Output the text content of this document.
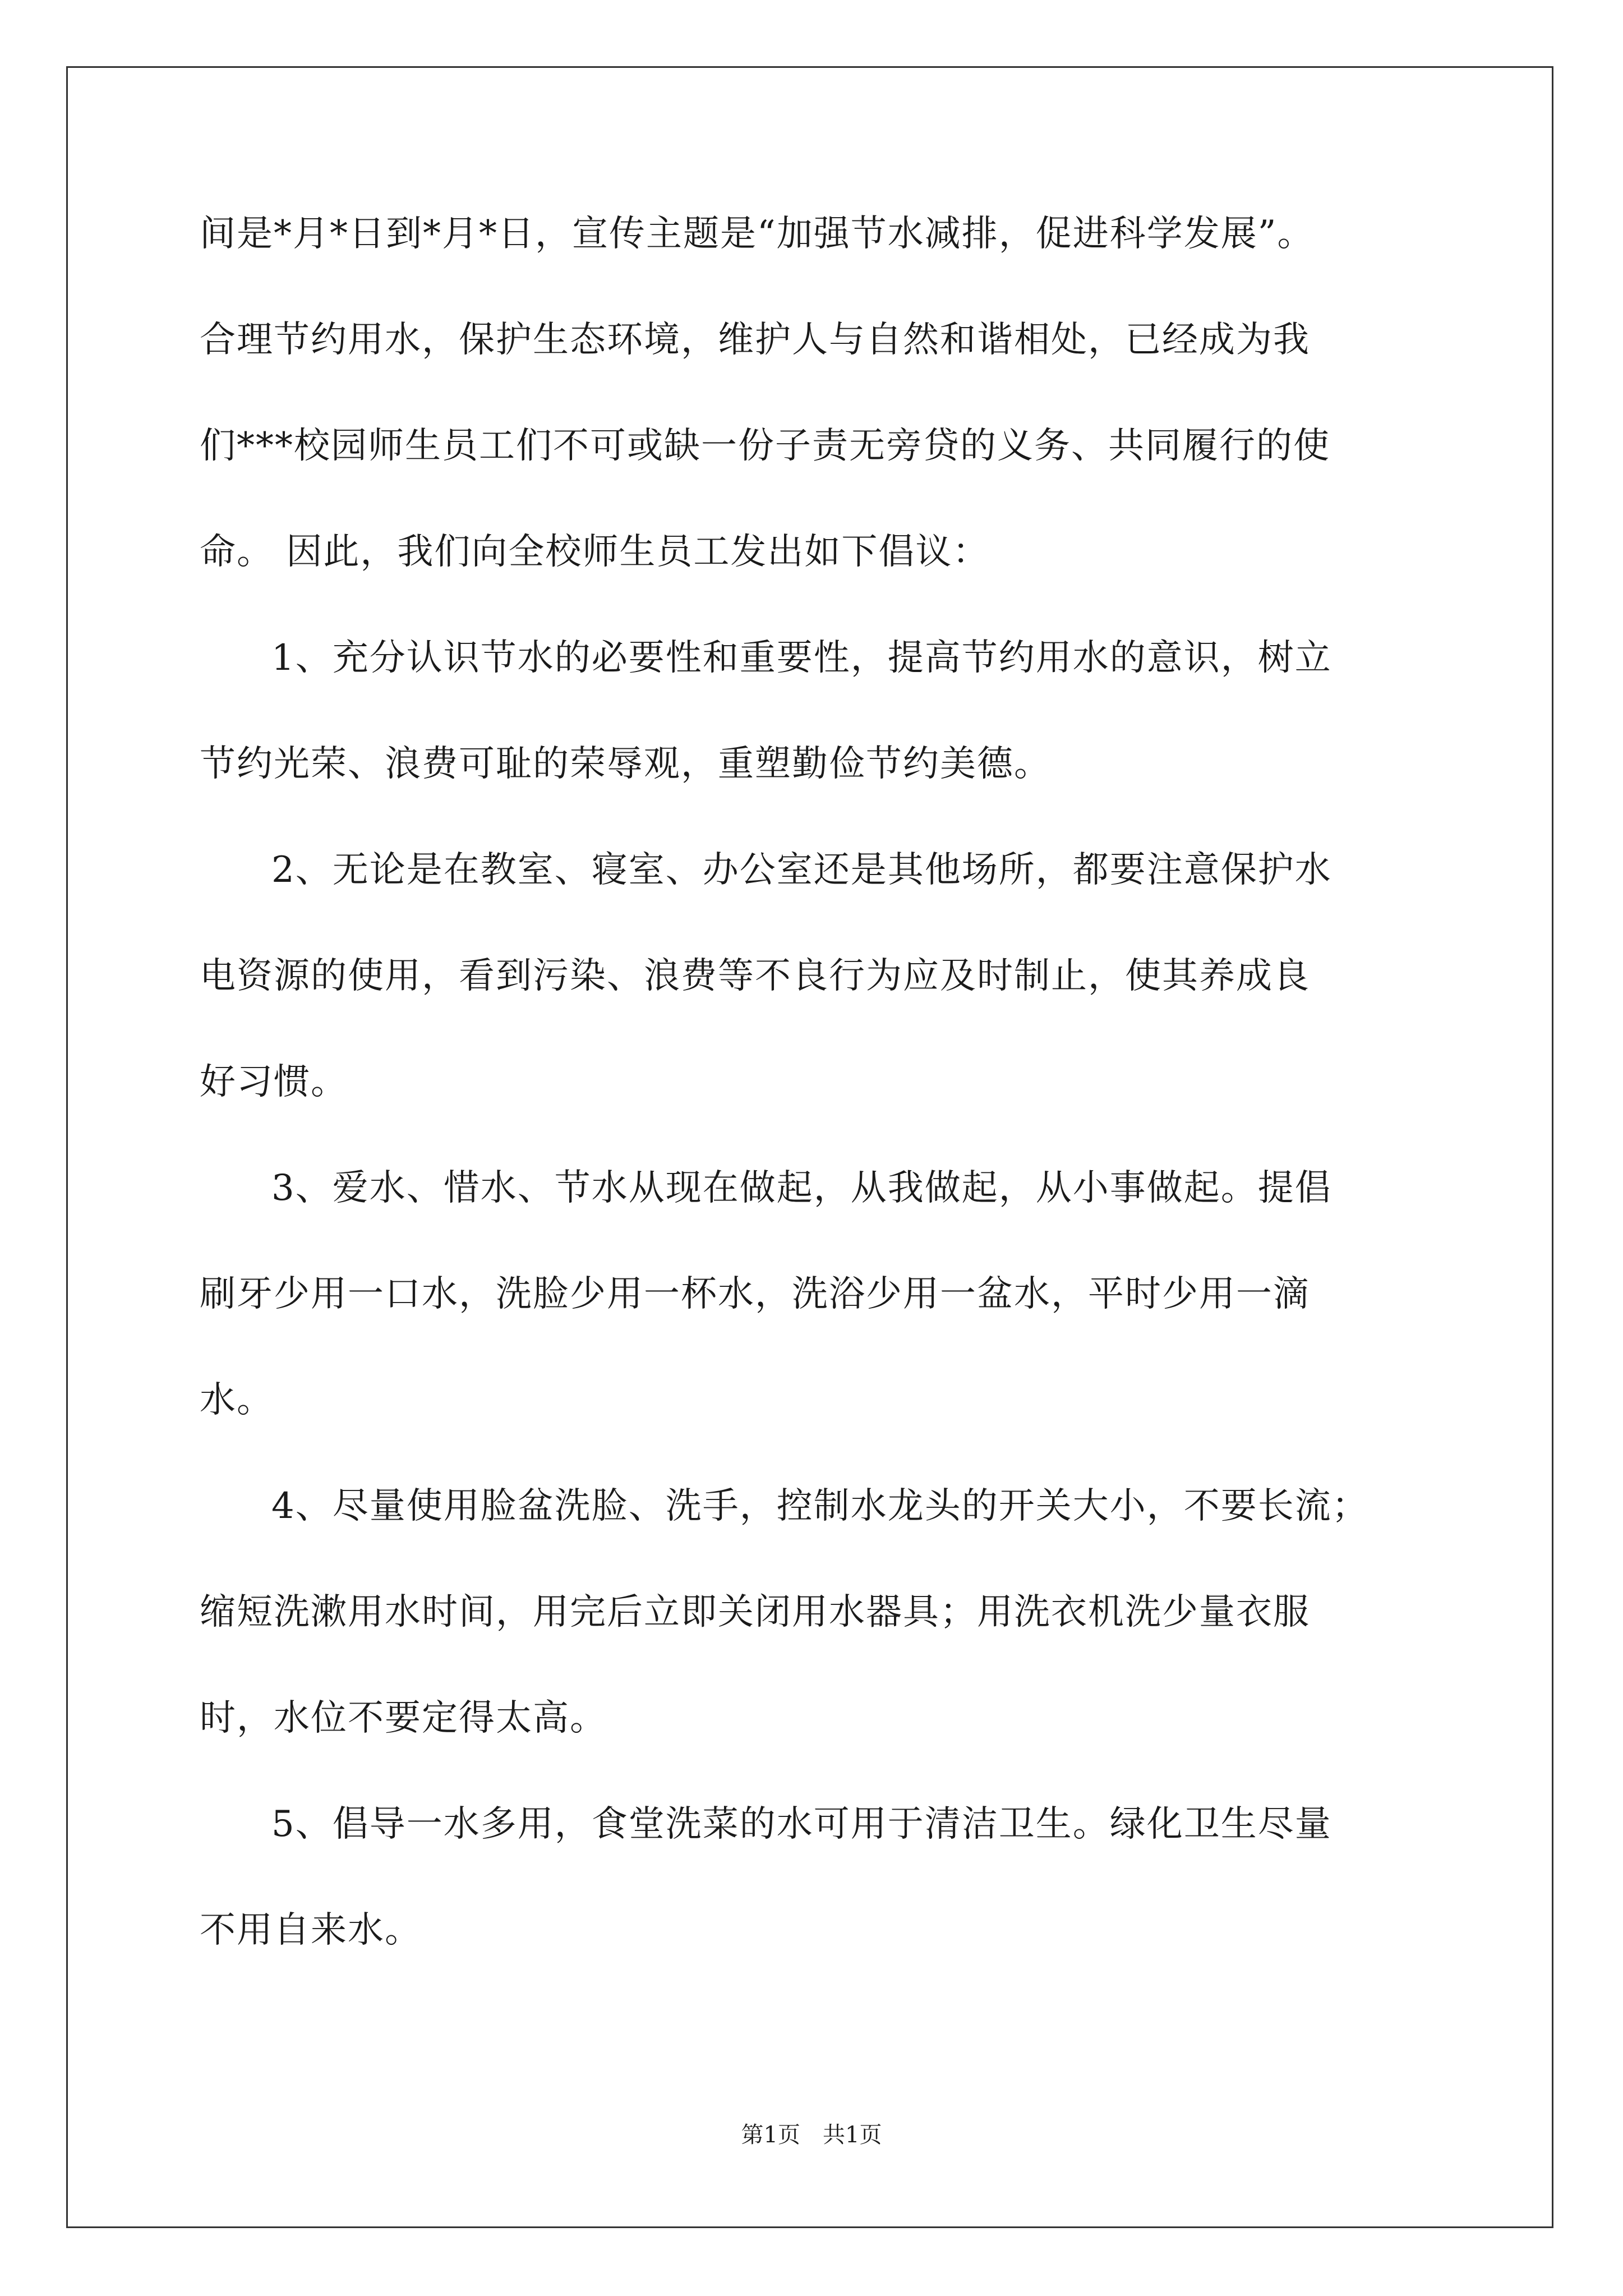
间是*月*日到*月*日，宣传主题是“加强节水减排，促进科学发展”。
合理节约用水，保护生态环境，维护人与自然和谐相处，已经成为我
们***校园师生员工们不可或缺一份子责无旁贷的义务、共同履行的使
命。 因此，我们向全校师生员工发出如下倡议：
1、充分认识节水的必要性和重要性，提高节约用水的意识，树立
节约光荣、浪费可耻的荣辱观，重塑勤俭节约美德。
2、无论是在教室、寝室、办公室还是其他场所，都要注意保护水
电资源的使用，看到污染、浪费等不良行为应及时制止，使其养成良
好习惯。
3、爱水、惜水、节水从现在做起，从我做起，从小事做起。提倡
刷牙少用一口水，洗脸少用一杯水，洗浴少用一盆水，平时少用一滴
水。
4、尽量使用脸盆洗脸、洗手，控制水龙头的开关大小，不要长流；
缩短洗漱用水时间，用完后立即关闭用水器具；用洗衣机洗少量衣服
时，水位不要定得太高。
5、倡导一水多用，食堂洗菜的水可用于清洁卫生。绿化卫生尽量
不用自来水。
第1页　共1页
